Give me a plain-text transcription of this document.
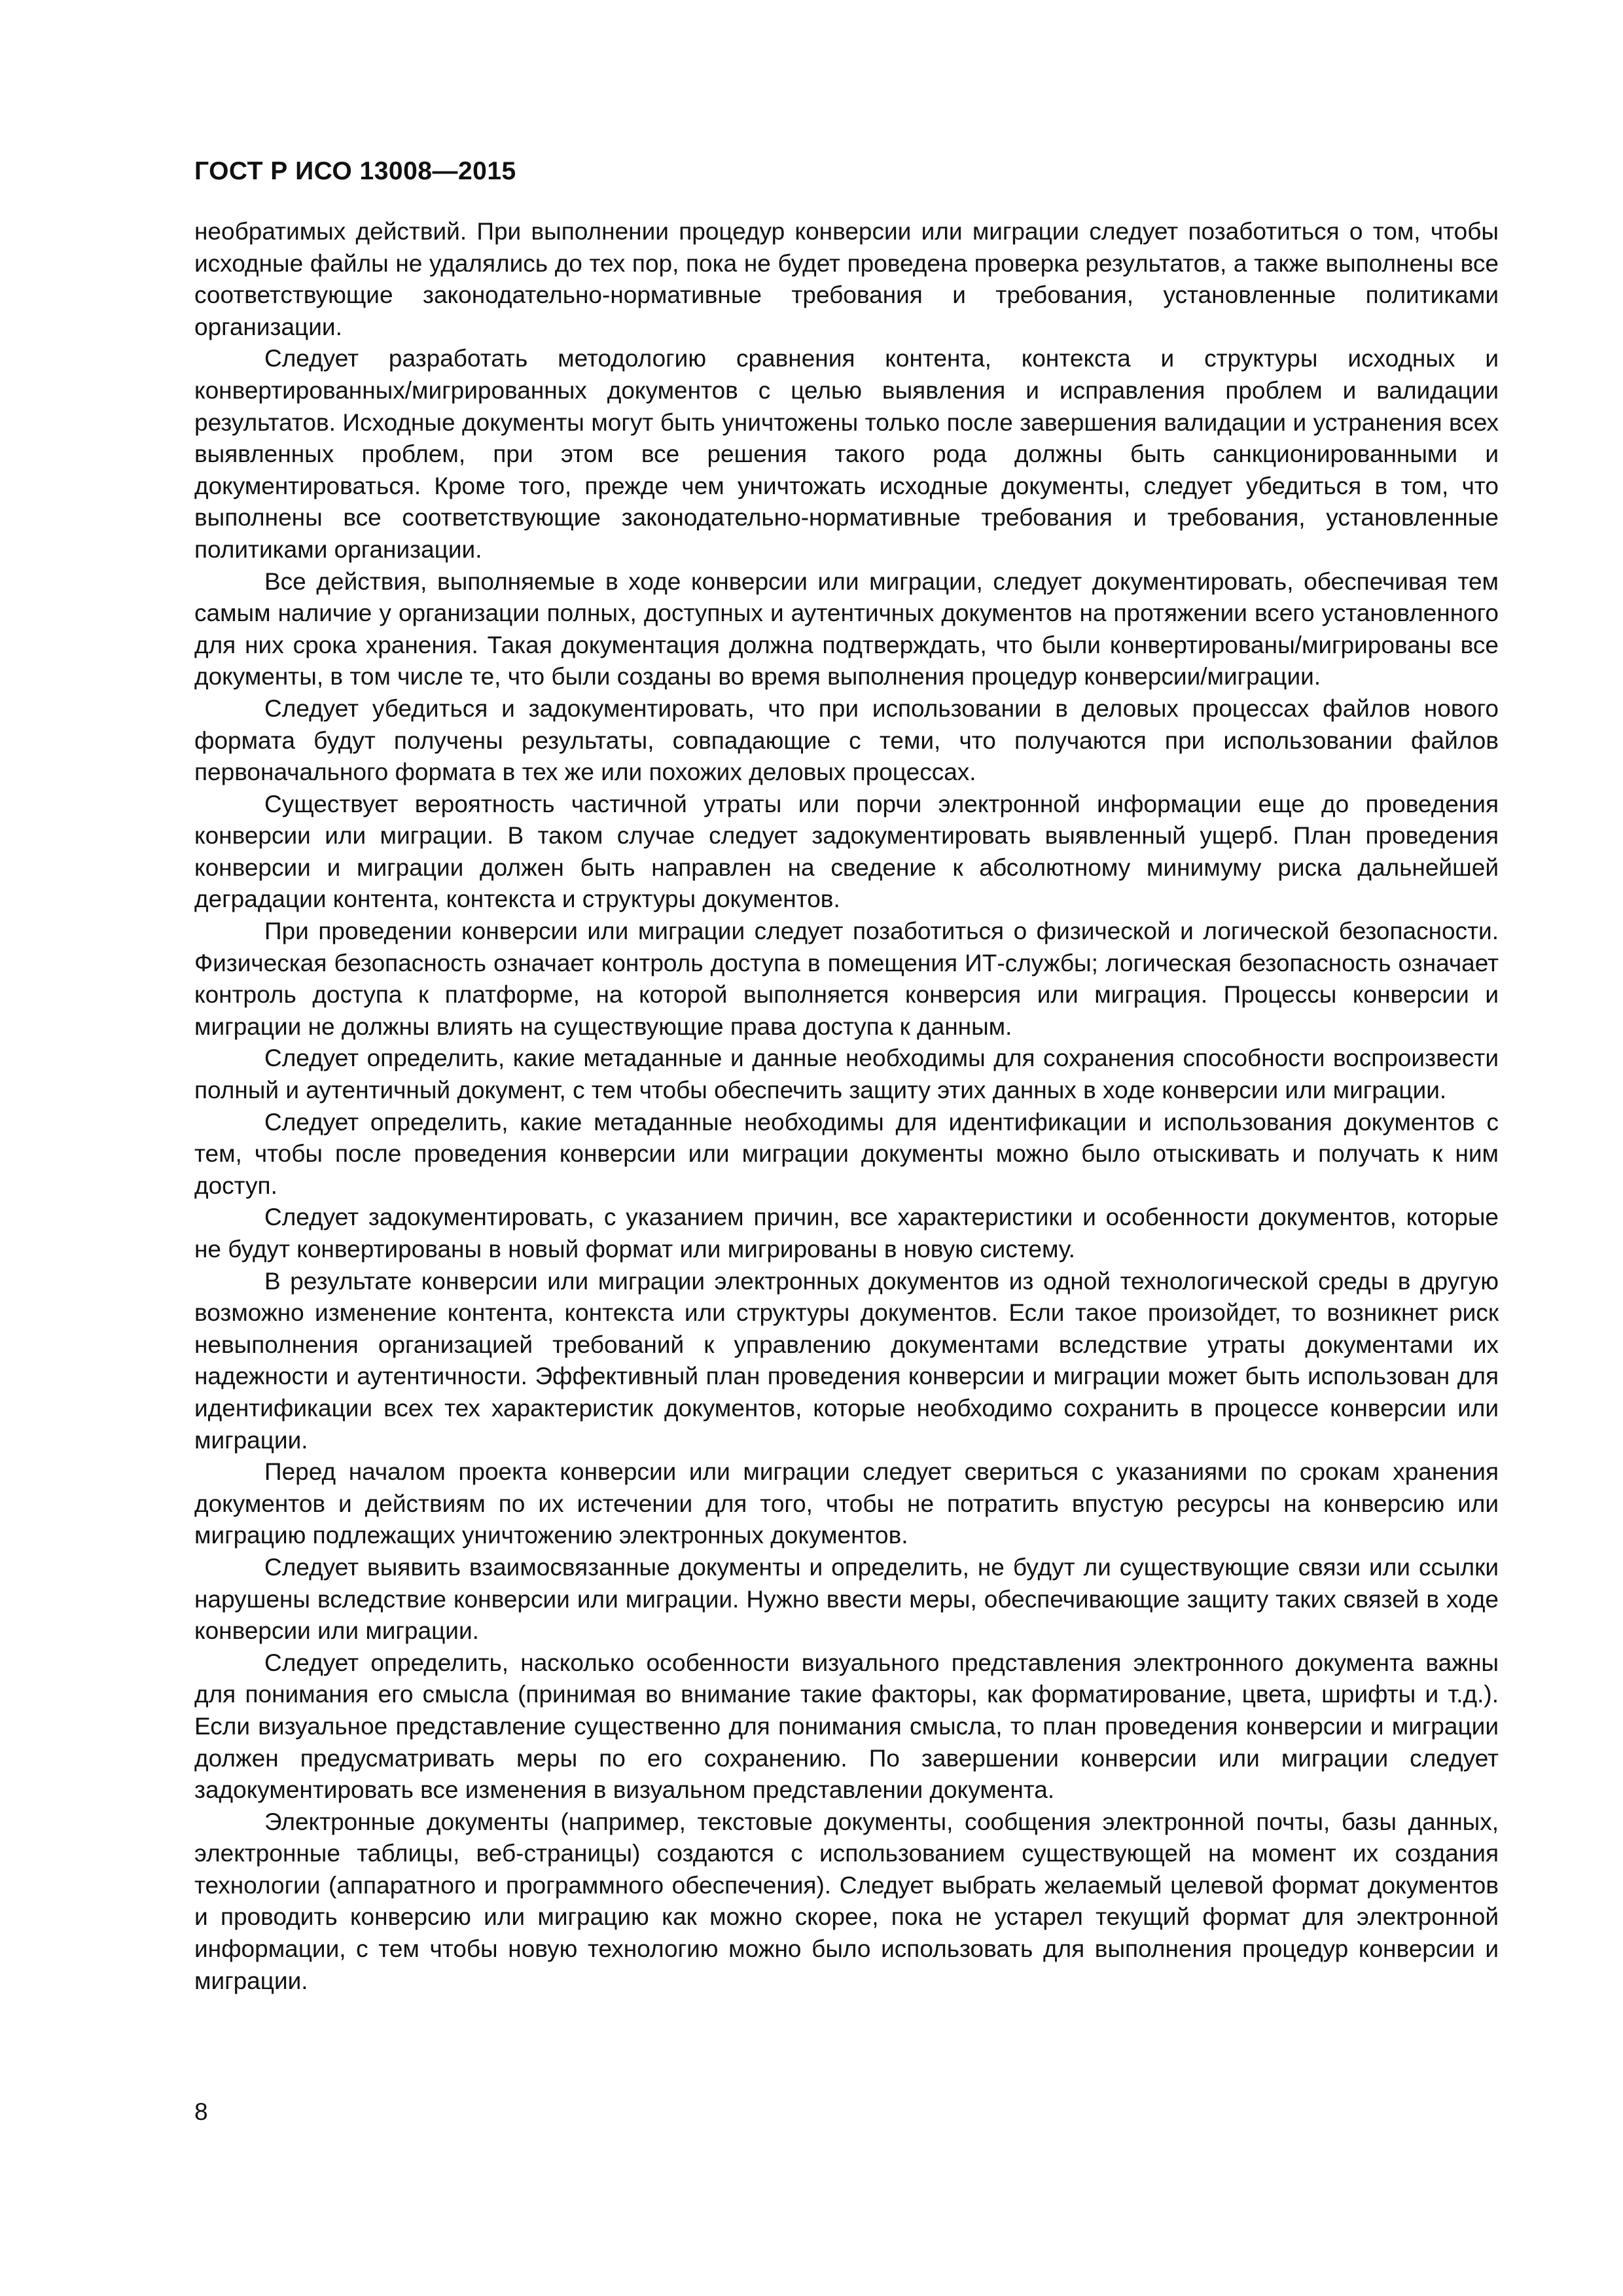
ГОСТ Р ИСО 13008—2015

необратимых действий. При выполнении процедур конверсии или миграции следует позаботиться о том, чтобы исходные файлы не удалялись до тех пор, пока не будет проведена проверка результатов, а также выполнены все соответствующие законодательно-нормативные требования и требования, установленные политиками организации.

Следует разработать методологию сравнения контента, контекста и структуры исходных и конвертированных/мигрированных документов с целью выявления и исправления проблем и валидации результатов. Исходные документы могут быть уничтожены только после завершения валидации и устранения всех выявленных проблем, при этом все решения такого рода должны быть санкционированными и документироваться. Кроме того, прежде чем уничтожать исходные документы, следует убедиться в том, что выполнены все соответствующие законодательно-нормативные требования и требования, установленные политиками организации.

Все действия, выполняемые в ходе конверсии или миграции, следует документировать, обеспечивая тем самым наличие у организации полных, доступных и аутентичных документов на протяжении всего установленного для них срока хранения. Такая документация должна подтверждать, что были конвертированы/мигрированы все документы, в том числе те, что были созданы во время выполнения процедур конверсии/миграции.

Следует убедиться и задокументировать, что при использовании в деловых процессах файлов нового формата будут получены результаты, совпадающие с теми, что получаются при использовании файлов первоначального формата в тех же или похожих деловых процессах.

Существует вероятность частичной утраты или порчи электронной информации еще до проведения конверсии или миграции. В таком случае следует задокументировать выявленный ущерб. План проведения конверсии и миграции должен быть направлен на сведение к абсолютному минимуму риска дальнейшей деградации контента, контекста и структуры документов.

При проведении конверсии или миграции следует позаботиться о физической и логической безопасности. Физическая безопасность означает контроль доступа в помещения ИТ-службы; логическая безопасность означает контроль доступа к платформе, на которой выполняется конверсия или миграция. Процессы конверсии и миграции не должны влиять на существующие права доступа к данным.

Следует определить, какие метаданные и данные необходимы для сохранения способности воспроизвести полный и аутентичный документ, с тем чтобы обеспечить защиту этих данных в ходе конверсии или миграции.

Следует определить, какие метаданные необходимы для идентификации и использования документов с тем, чтобы после проведения конверсии или миграции документы можно было отыскивать и получать к ним доступ.

Следует задокументировать, с указанием причин, все характеристики и особенности документов, которые не будут конвертированы в новый формат или мигрированы в новую систему.

В результате конверсии или миграции электронных документов из одной технологической среды в другую возможно изменение контента, контекста или структуры документов. Если такое произойдет, то возникнет риск невыполнения организацией требований к управлению документами вследствие утраты документами их надежности и аутентичности. Эффективный план проведения конверсии и миграции может быть использован для идентификации всех тех характеристик документов, которые необходимо сохранить в процессе конверсии или миграции.

Перед началом проекта конверсии или миграции следует свериться с указаниями по срокам хранения документов и действиям по их истечении для того, чтобы не потратить впустую ресурсы на конверсию или миграцию подлежащих уничтожению электронных документов.

Следует выявить взаимосвязанные документы и определить, не будут ли существующие связи или ссылки нарушены вследствие конверсии или миграции. Нужно ввести меры, обеспечивающие защиту таких связей в ходе конверсии или миграции.

Следует определить, насколько особенности визуального представления электронного документа важны для понимания его смысла (принимая во внимание такие факторы, как форматирование, цвета, шрифты и т.д.). Если визуальное представление существенно для понимания смысла, то план проведения конверсии и миграции должен предусматривать меры по его сохранению. По завершении конверсии или миграции следует задокументировать все изменения в визуальном представлении документа.

Электронные документы (например, текстовые документы, сообщения электронной почты, базы данных, электронные таблицы, веб-страницы) создаются с использованием существующей на момент их создания технологии (аппаратного и программного обеспечения). Следует выбрать желаемый целевой формат документов и проводить конверсию или миграцию как можно скорее, пока не устарел текущий формат для электронной информации, с тем чтобы новую технологию можно было использовать для выполнения процедур конверсии и миграции.

8
